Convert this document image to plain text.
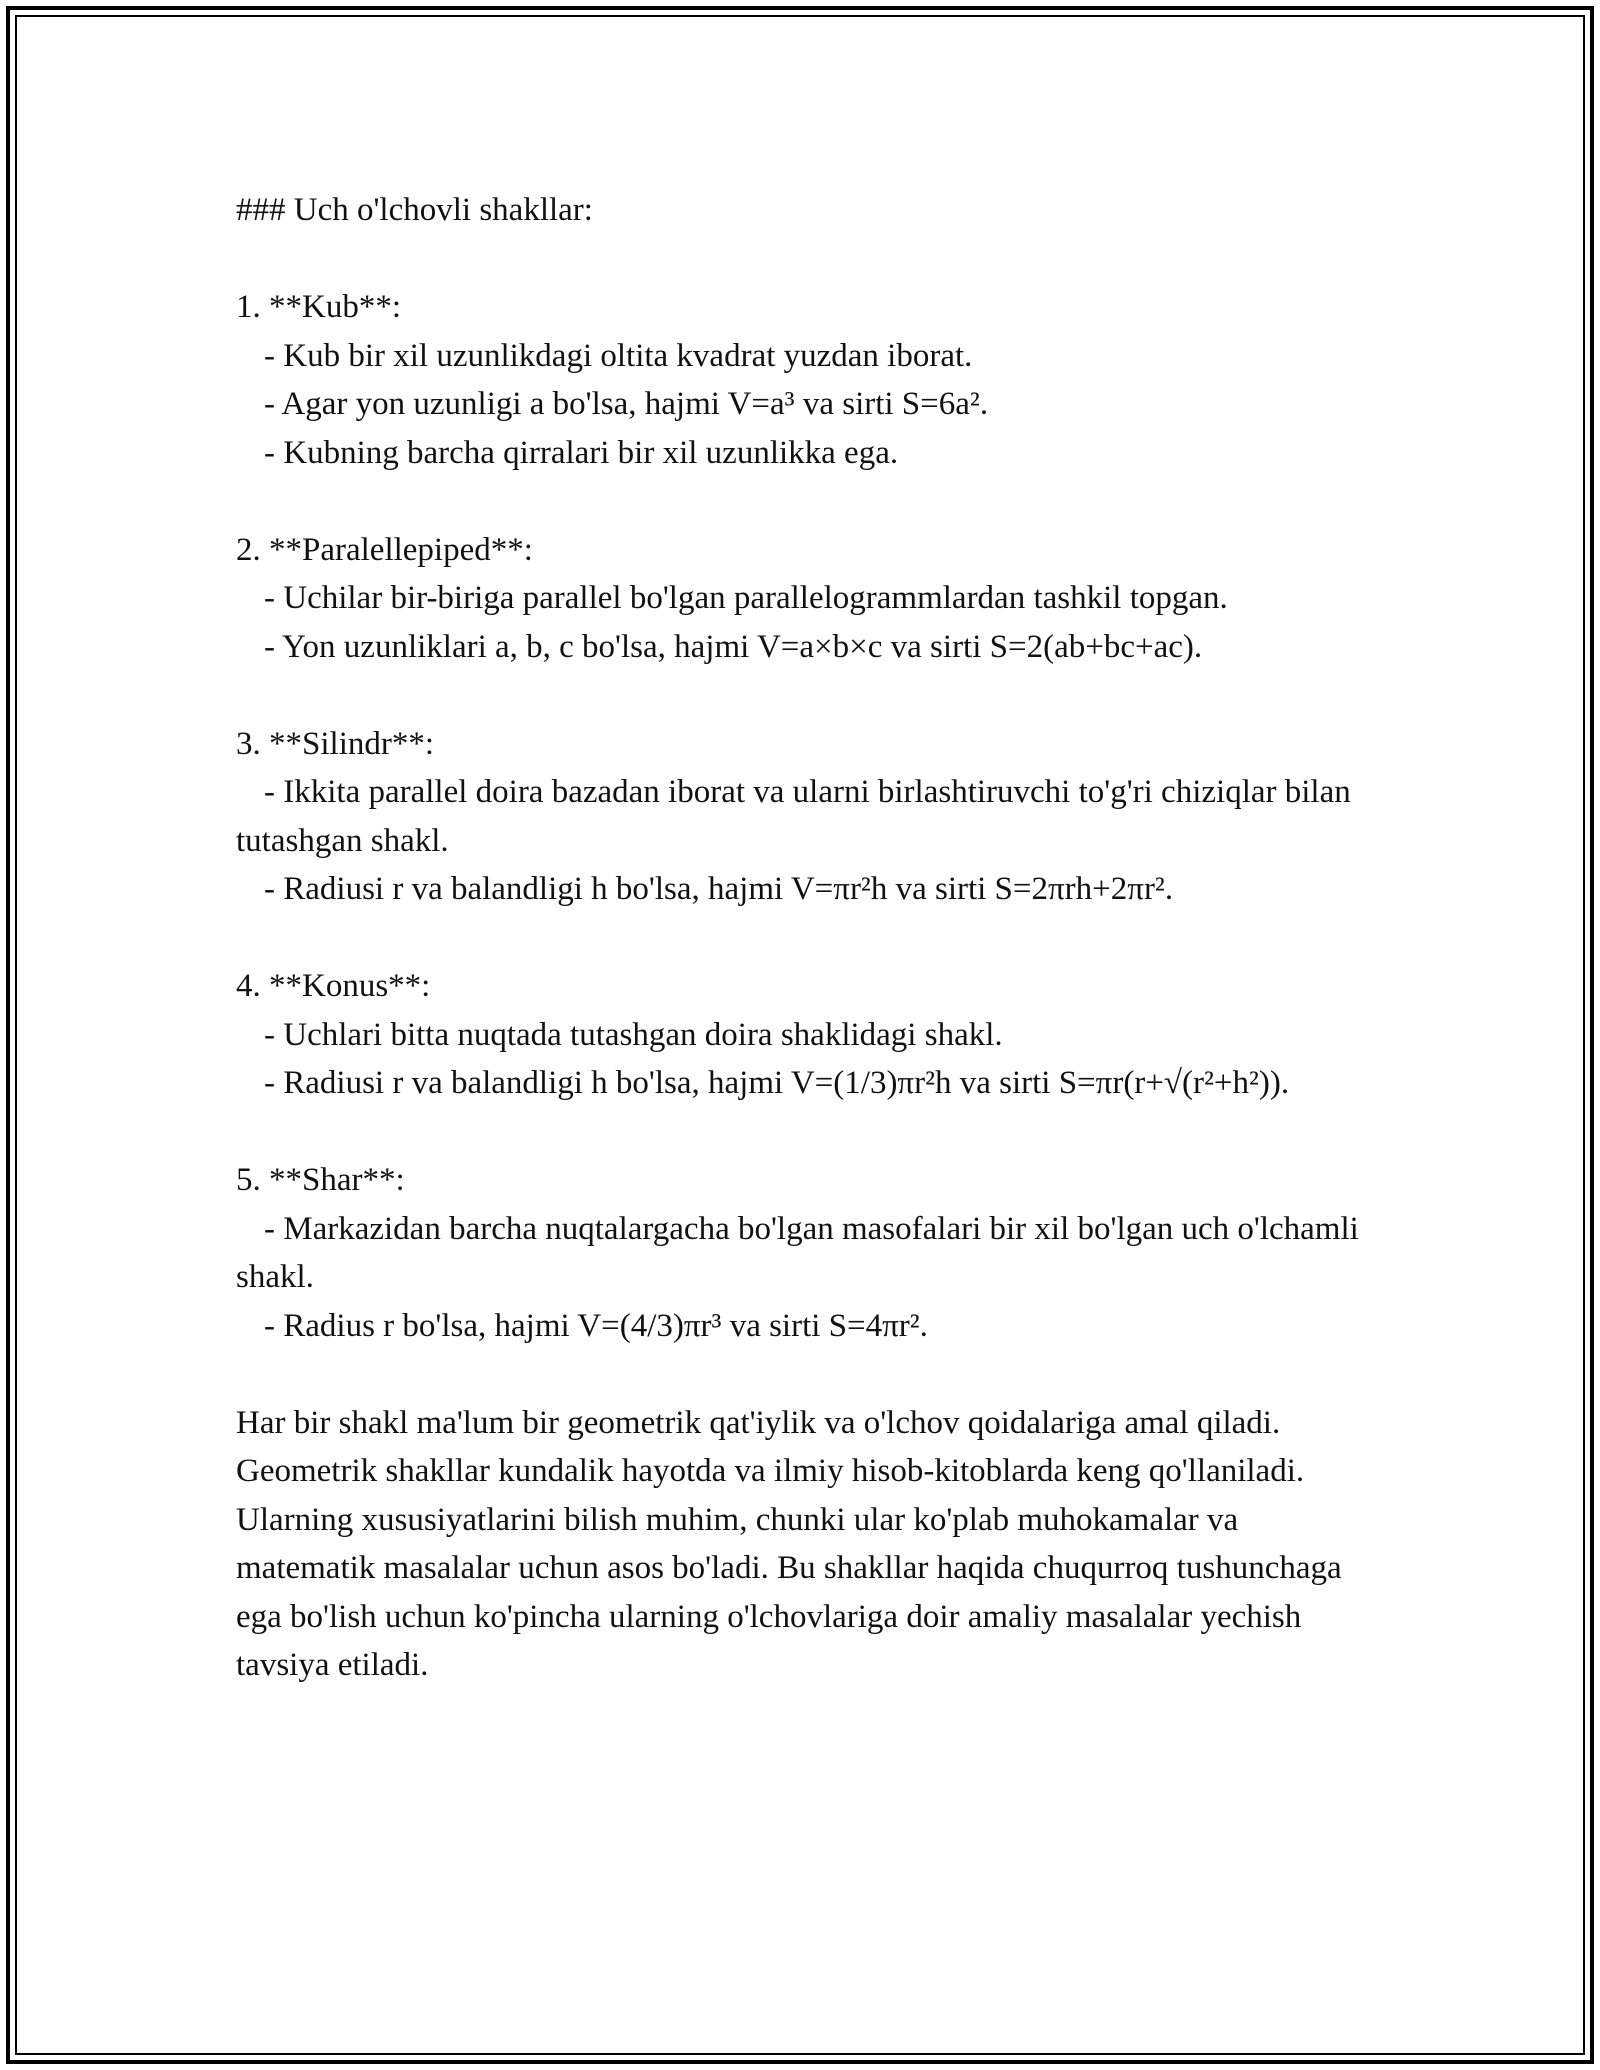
### Uch o'lchovli shakllar:

1. **Kub**:

- Kub bir xil uzunlikdagi oltita kvadrat yuzdan iborat.

- Agar yon uzunligi a bo'lsa, hajmi V=a³ va sirti S=6a².

- Kubning barcha qirralari bir xil uzunlikka ega.

2. **Paralellepiped**:

- Uchilar bir-biriga parallel bo'lgan parallelogrammlardan tashkil topgan.

- Yon uzunliklari a, b, c bo'lsa, hajmi V=a×b×c va sirti S=2(ab+bc+ac).

3. **Silindr**:

- Ikkita parallel doira bazadan iborat va ularni birlashtiruvchi to'g'ri chiziqlar bilan tutashgan shakl.

- Radiusi r va balandligi h bo'lsa, hajmi V=πr²h va sirti S=2πrh+2πr².

4. **Konus**:

- Uchlari bitta nuqtada tutashgan doira shaklidagi shakl.

- Radiusi r va balandligi h bo'lsa, hajmi V=(1/3)πr²h va sirti S=πr(r+√(r²+h²)).

5. **Shar**:

- Markazidan barcha nuqtalargacha bo'lgan masofalari bir xil bo'lgan uch o'lchamli shakl.

- Radius r bo'lsa, hajmi V=(4/3)πr³ va sirti S=4πr².

Har bir shakl ma'lum bir geometrik qat'iylik va o'lchov qoidalariga amal qiladi. Geometrik shakllar kundalik hayotda va ilmiy hisob-kitoblarda keng qo'llaniladi. Ularning xususiyatlarini bilish muhim, chunki ular ko'plab muhokamalar va matematik masalalar uchun asos bo'ladi. Bu shakllar haqida chuqurroq tushunchaga ega bo'lish uchun ko'pincha ularning o'lchovlariga doir amaliy masalalar yechish tavsiya etiladi.
